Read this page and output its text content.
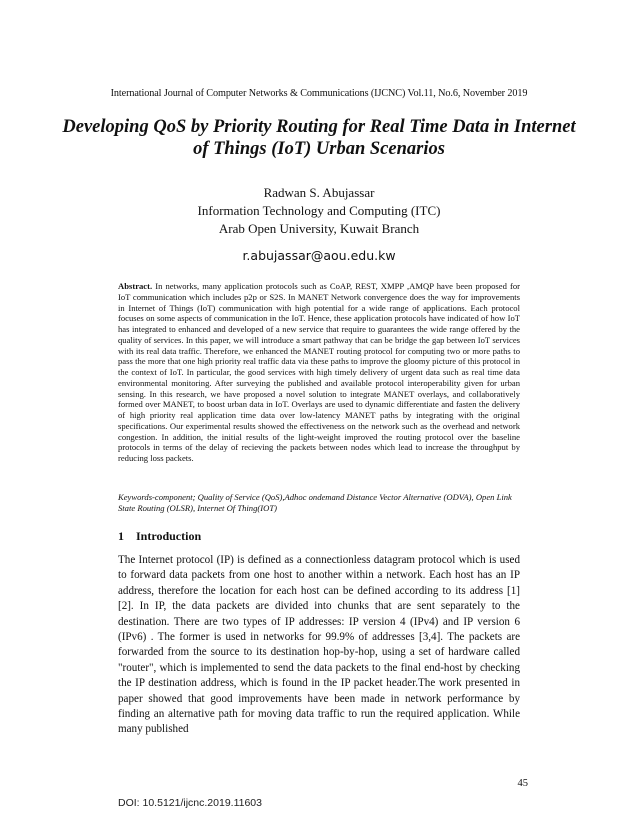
International Journal of Computer Networks & Communications (IJCNC) Vol.11, No.6, November 2019
Developing QoS by Priority Routing for Real Time Data in Internet of Things (IoT) Urban Scenarios
Radwan S. Abujassar
Information Technology and Computing (ITC)
Arab Open University, Kuwait Branch
r.abujassar@aou.edu.kw
Abstract. In networks, many application protocols such as CoAP, REST, XMPP ,AMQP have been proposed for IoT communication which includes p2p or S2S. In MANET Network convergence does the way for improvements in Internet of Things (IoT) communication with high potential for a wide range of applications. Each protocol focuses on some aspects of communication in the IoT. Hence, these application protocols have indicated of how IoT has integrated to enhanced and developed of a new service that require to guarantees the wide range offered by the quality of services. In this paper, we will introduce a smart pathway that can be bridge the gap between IoT services with its real data traffic. Therefore, we enhanced the MANET routing protocol for computing two or more paths to pass the more that one high priority real traffic data via these paths to improve the gloomy picture of this protocol in the context of IoT. In particular, the good services with high timely delivery of urgent data such as real time data environmental monitoring. After surveying the published and available protocol interoperability given for urban sensing. In this research, we have proposed a novel solution to integrate MANET overlays, and collaboratively formed over MANET, to boost urban data in IoT. Overlays are used to dynamic differentiate and fasten the delivery of high priority real application time data over low-latency MANET paths by integrating with the original specifications. Our experimental results showed the effectiveness on the network such as the overhead and network congestion. In addition, the initial results of the light-weight improved the routing protocol over the baseline protocols in terms of the delay of recieving the packets between nodes which lead to increase the throughput by reducing loss packets.
Keywords-component; Quality of Service (QoS),Adhoc ondemand Distance Vector Alternative (ODVA), Open Link State Routing (OLSR), Internet Of Thing(IOT)
1 Introduction
The Internet protocol (IP) is defined as a connectionless datagram protocol which is used to forward data packets from one host to another within a network. Each host has an IP address, therefore the location for each host can be defined according to its address [1] [2]. In IP, the data packets are divided into chunks that are sent separately to the destination. There are two types of IP addresses: IP version 4 (IPv4) and IP version 6 (IPv6) . The former is used in networks for 99.9% of addresses [3,4]. The packets are forwarded from the source to its destination hop-by-hop, using a set of hardware called "router", which is implemented to send the data packets to the final end-host by checking the IP destination address, which is found in the IP packet header.The work presented in paper showed that good improvements have been made in network performance by finding an alternative path for moving data traffic to run the required application. While many published
45
DOI: 10.5121/ijcnc.2019.11603
